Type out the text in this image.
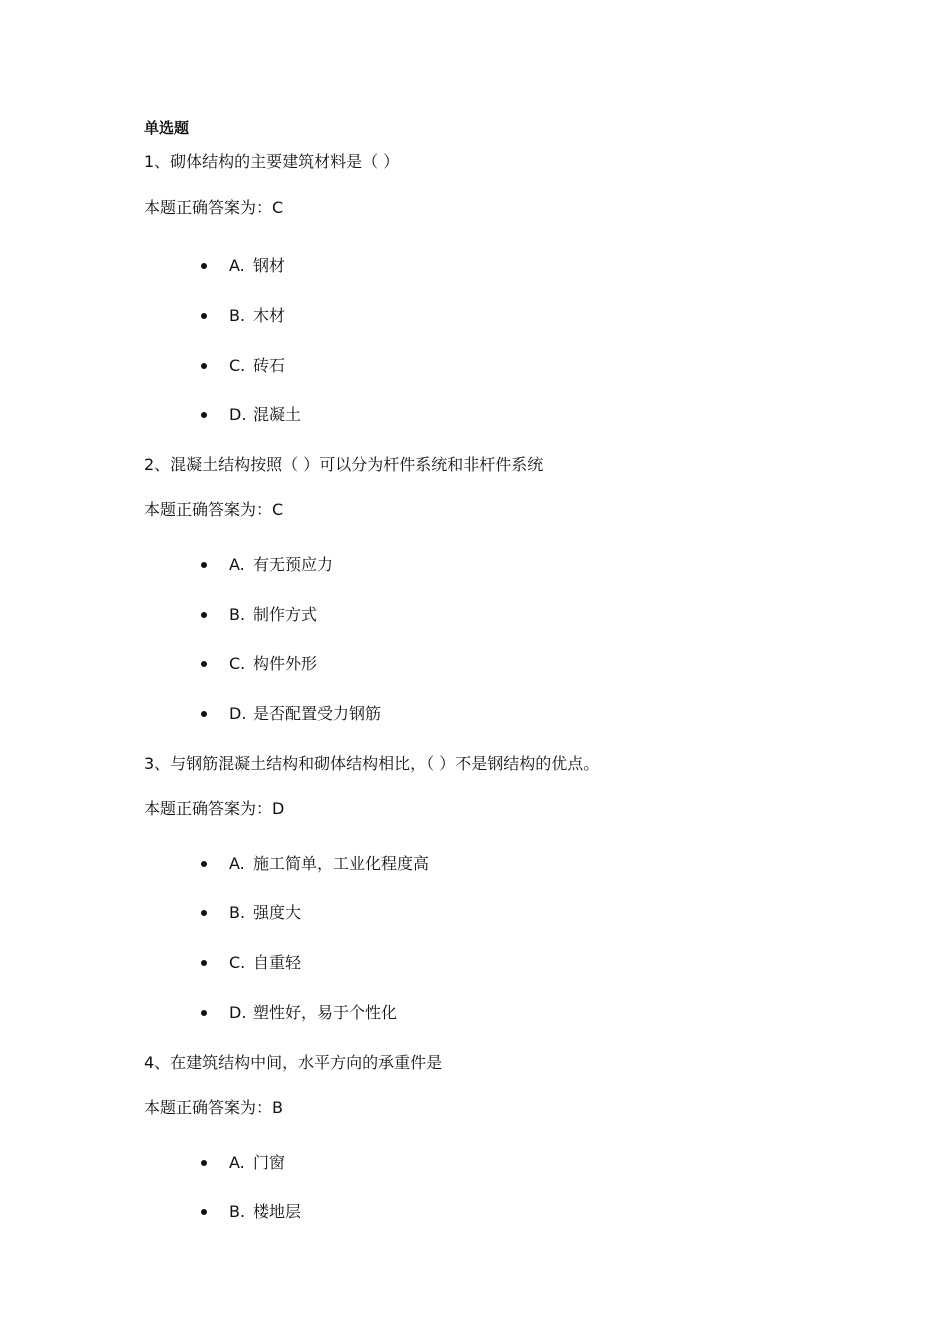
单选题
1、砌体结构的主要建筑材料是（ ）
本题正确答案为：C
A. 钢材
B. 木材
C. 砖石
D. 混凝土
2、混凝土结构按照（ ）可以分为杆件系统和非杆件系统
本题正确答案为：C
A. 有无预应力
B. 制作方式
C. 构件外形
D. 是否配置受力钢筋
3、与钢筋混凝土结构和砌体结构相比，（ ）不是钢结构的优点。
本题正确答案为：D
A. 施工简单，工业化程度高
B. 强度大
C. 自重轻
D. 塑性好，易于个性化
4、在建筑结构中间，水平方向的承重件是
本题正确答案为：B
A. 门窗
B. 楼地层
